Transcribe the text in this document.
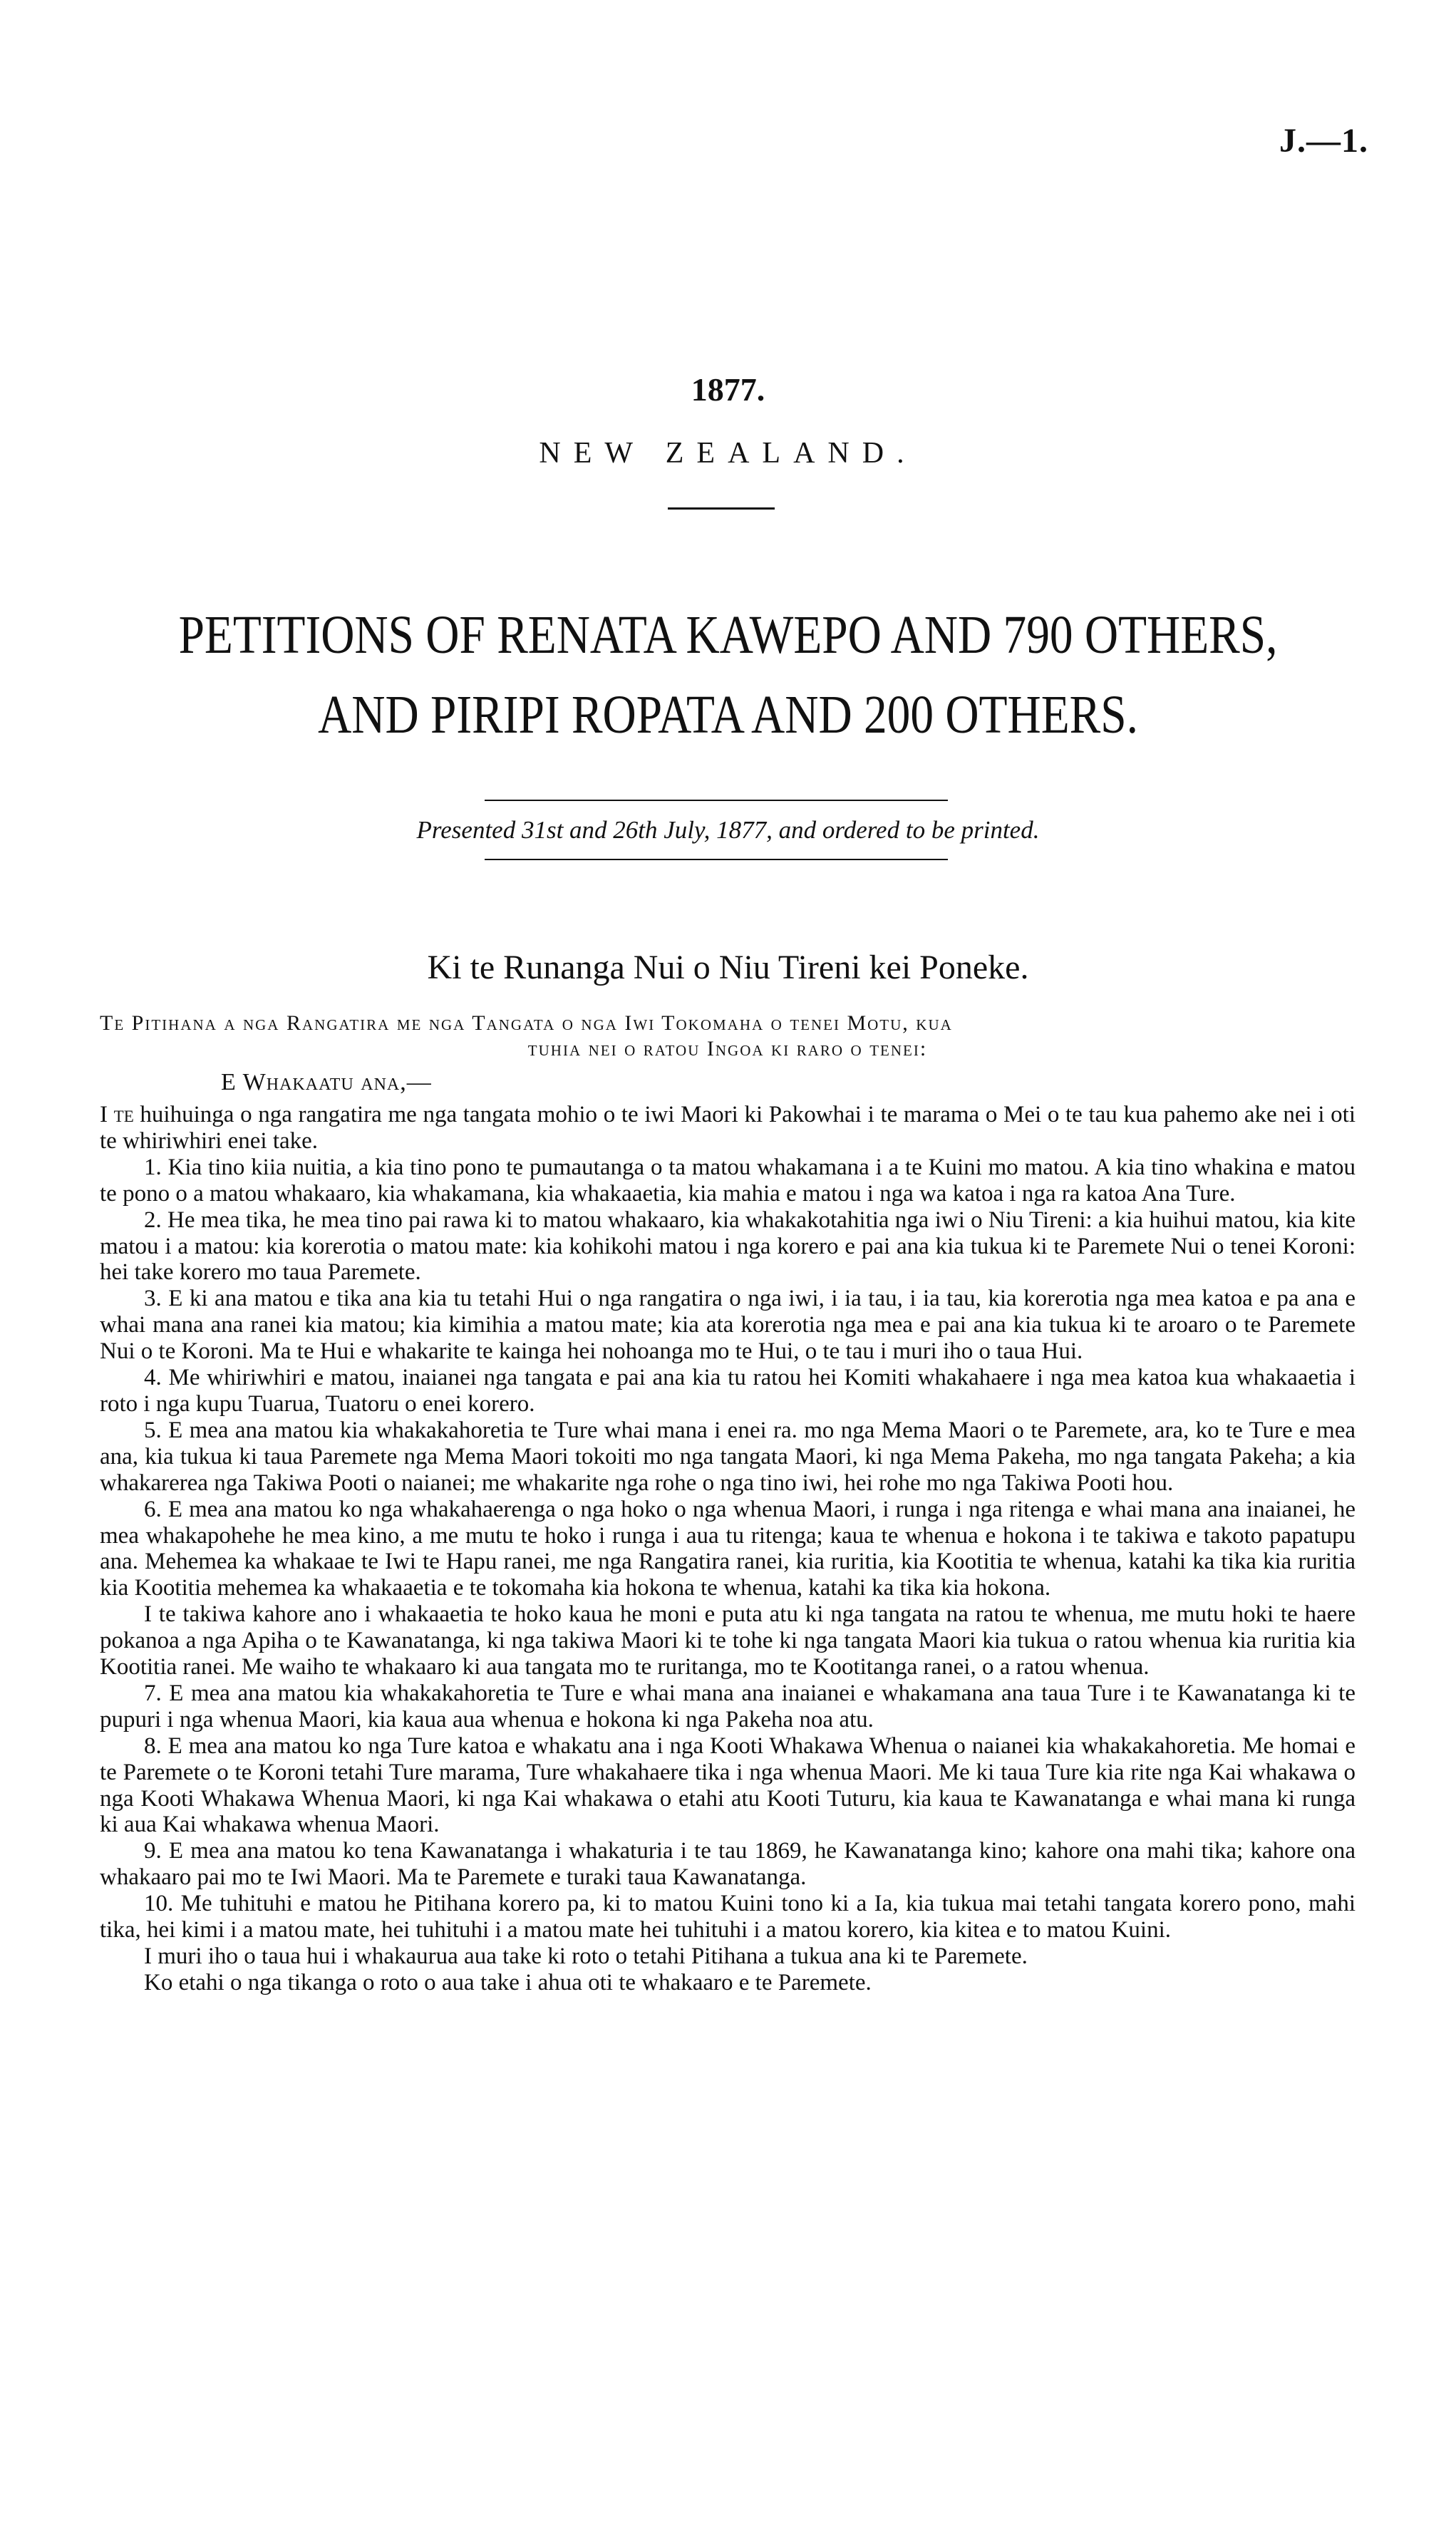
J.—1.
1877.
NEW ZEALAND.
PETITIONS OF RENATA KAWEPO AND 790 OTHERS,
AND PIRIPI ROPATA AND 200 OTHERS.
Presented 31st and 26th July, 1877, and ordered to be printed.
Ki te Runanga Nui o Niu Tireni kei Poneke.
Te Pitihana a nga Rangatira me nga Tangata o nga Iwi Tokomaha o tenei Motu, kua
tuhia nei o ratou Ingoa ki raro o tenei:
E Whakaatu ana,—

I te huihuinga o nga rangatira me nga tangata mohio o te iwi Maori ki Pakowhai i te marama o Mei o te tau kua pahemo ake nei i oti te whiriwhiri enei take.

1. Kia tino kiia nuitia, a kia tino pono te pumautanga o ta matou whakamana i a te Kuini mo matou. A kia tino whakina e matou te pono o a matou whakaaro, kia whakamana, kia whakaaetia, kia mahia e matou i nga wa katoa i nga ra katoa Ana Ture.

2. He mea tika, he mea tino pai rawa ki to matou whakaaro, kia whakakotahitia nga iwi o Niu Tireni: a kia huihui matou, kia kite matou i a matou: kia korerotia o matou mate: kia kohikohi matou i nga korero e pai ana kia tukua ki te Paremete Nui o tenei Koroni: hei take korero mo taua Paremete.

3. E ki ana matou e tika ana kia tu tetahi Hui o nga rangatira o nga iwi, i ia tau, i ia tau, kia korerotia nga mea katoa e pa ana e whai mana ana ranei kia matou; kia kimihia a matou mate; kia ata korerotia nga mea e pai ana kia tukua ki te aroaro o te Paremete Nui o te Koroni. Ma te Hui e whakarite te kainga hei nohoanga mo te Hui, o te tau i muri iho o taua Hui.

4. Me whiriwhiri e matou, inaianei nga tangata e pai ana kia tu ratou hei Komiti whakahaere i nga mea katoa kua whakaaetia i roto i nga kupu Tuarua, Tuatoru o enei korero.

5. E mea ana matou kia whakakahoretia te Ture whai mana i enei ra. mo nga Mema Maori o te Paremete, ara, ko te Ture e mea ana, kia tukua ki taua Paremete nga Mema Maori tokoiti mo nga tangata Maori, ki nga Mema Pakeha, mo nga tangata Pakeha; a kia whakarerea nga Takiwa Pooti o naianei; me whakarite nga rohe o nga tino iwi, hei rohe mo nga Takiwa Pooti hou.

6. E mea ana matou ko nga whakahaerenga o nga hoko o nga whenua Maori, i runga i nga ritenga e whai mana ana inaianei, he mea whakapohehe he mea kino, a me mutu te hoko i runga i aua tu ritenga; kaua te whenua e hokona i te takiwa e takoto papatupu ana. Mehemea ka whakaae te Iwi te Hapu ranei, me nga Rangatira ranei, kia ruritia, kia Kootitia te whenua, katahi ka tika kia ruritia kia Kootitia mehemea ka whakaaetia e te tokomaha kia hokona te whenua, katahi ka tika kia hokona.

I te takiwa kahore ano i whakaaetia te hoko kaua he moni e puta atu ki nga tangata na ratou te whenua, me mutu hoki te haere pokanoa a nga Apiha o te Kawanatanga, ki nga takiwa Maori ki te tohe ki nga tangata Maori kia tukua o ratou whenua kia ruritia kia Kootitia ranei. Me waiho te whakaaro ki aua tangata mo te ruritanga, mo te Kootitanga ranei, o a ratou whenua.

7. E mea ana matou kia whakakahoretia te Ture e whai mana ana inaianei e whakamana ana taua Ture i te Kawanatanga ki te pupuri i nga whenua Maori, kia kaua aua whenua e hokona ki nga Pakeha noa atu.

8. E mea ana matou ko nga Ture katoa e whakatu ana i nga Kooti Whakawa Whenua o naianei kia whakakahoretia. Me homai e te Paremete o te Koroni tetahi Ture marama, Ture whakahaere tika i nga whenua Maori. Me ki taua Ture kia rite nga Kai whakawa o nga Kooti Whakawa Whenua Maori, ki nga Kai whakawa o etahi atu Kooti Tuturu, kia kaua te Kawanatanga e whai mana ki runga ki aua Kai whakawa whenua Maori.

9. E mea ana matou ko tena Kawanatanga i whakaturia i te tau 1869, he Kawanatanga kino; kahore ona mahi tika; kahore ona whakaaro pai mo te Iwi Maori. Ma te Paremete e turaki taua Kawanatanga.

10. Me tuhituhi e matou he Pitihana korero pa, ki to matou Kuini tono ki a Ia, kia tukua mai tetahi tangata korero pono, mahi tika, hei kimi i a matou mate, hei tuhituhi i a matou mate hei tuhituhi i a matou korero, kia kitea e to matou Kuini.

I muri iho o taua hui i whakaurua aua take ki roto o tetahi Pitihana a tukua ana ki te Paremete.

Ko etahi o nga tikanga o roto o aua take i ahua oti te whakaaro e te Paremete.
